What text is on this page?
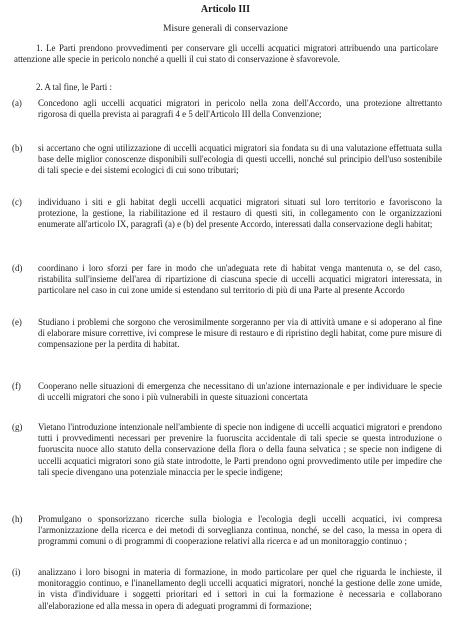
Articolo III
Misure generali di conservazione
1. Le Parti prendono provvedimenti per conservare gli uccelli acquatici migratori attribuendo una particolare attenzione alle specie in pericolo nonché a quelli il cui stato di conservazione è sfavorevole.
2. A tal fine, le Parti :
(a)	Concedono agli uccelli acquatici migratori in pericolo nella zona dell'Accordo, una protezione altrettanto rigorosa di quella prevista ai paragrafi 4 e 5 dell'Articolo III della Convenzione;
(b)	si accertano che ogni utilizzazione di uccelli acquatici migratori sia fondata su di una valutazione effettuata sulla base delle miglior conoscenze disponibili sull'ecologia di questi uccelli, nonché sul principio dell'uso sostenibile di tali specie e dei sistemi ecologici di cui sono tributari;
(c)	individuano i siti e gli habitat degli uccelli acquatici migratori situati sul loro territorio e favoriscono la protezione, la gestione, la riabilitazione ed il restauro di questi siti, in collegamento con le organizzazioni enumerate all'articolo IX, paragrafi (a) e (b) del presente Accordo, interessati dalla conservazione degli habitat;
(d)	coordinano i loro sforzi per fare in modo che un'adeguata rete di habitat venga mantenuta o, se del caso, ristabilita sull'insieme dell'area di ripartizione di ciascuna specie di uccelli acquatici migratori interessata, in particolare nel caso in cui zone umide si estendano sul territorio di più di una Parte al presente Accordo
(e)	Studiano i problemi che sorgono che verosimilmente sorgeranno per via di attività umane e si adoperano al fine di elaborare misure correttive, ivi comprese le misure di restauro e di ripristino degli habitat, come pure misure di compensazione per la perdita di habitat.
(f)	Cooperano nelle situazioni di emergenza che necessitano di un'azione internazionale e per individuare le specie di uccelli migratori che sono i più vulnerabili in queste situazioni concertata
(g)	Vietano l'introduzione intenzionale nell'ambiente di specie non indigene di uccelli acquatici migratori e prendono tutti i provvedimenti necessari per prevenire la fuoruscita accidentale di tali specie se questa introduzione o fuoruscita nuoce allo statuto della conservazione della flora o della fauna selvatica ; se specie non indigene di uccelli acquatici migratori sono già state introdotte, le Parti prendono ogni provvedimento utile per impedire che tali specie divengano una potenziale minaccia per le specie indigene;
(h)	Promulgano o sponsorizzano ricerche sulla biologia e l'ecologia degli uccelli acquatici, ivi compresa l'armonizzazione della ricerca e dei metodi di sorveglianza continua, nonché, se del caso, la messa in opera di programmi comuni o di programmi di cooperazione relativi alla ricerca e ad un monitoraggio continuo ;
(i)	analizzano i loro bisogni in materia di formazione, in modo particolare per quel che riguarda le inchieste, il monitoraggio continuo, e l'inanellamento degli uccelli acquatici migratori, nonché la gestione delle zone umide, in vista d'individuare i soggetti prioritari ed i settori in cui la formazione è necessaria e collaborano all'elaborazione ed alla messa in opera di adeguati programmi di formazione;
